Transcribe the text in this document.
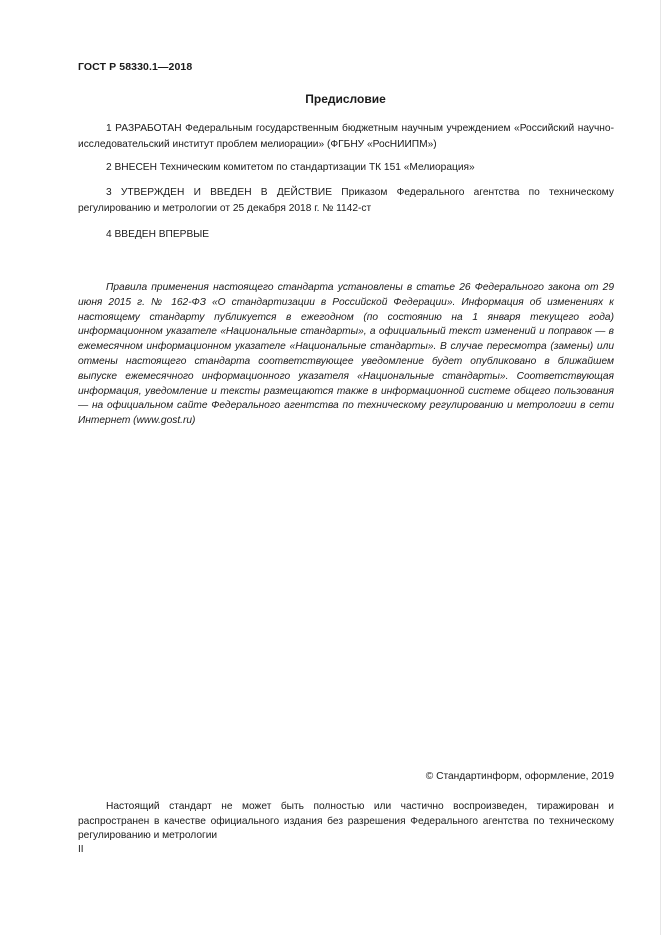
ГОСТ Р 58330.1—2018
Предисловие

1 РАЗРАБОТАН Федеральным государственным бюджетным научным учреждением «Российский научно-исследовательский институт проблем мелиорации» (ФГБНУ «РосНИИПМ»)

2 ВНЕСЕН Техническим комитетом по стандартизации ТК 151 «Мелиорация»

3 УТВЕРЖДЕН И ВВЕДЕН В ДЕЙСТВИЕ Приказом Федерального агентства по техническому регулированию и метрологии от 25 декабря 2018 г. № 1142-ст

4 ВВЕДЕН ВПЕРВЫЕ

Правила применения настоящего стандарта установлены в статье 26 Федерального закона от 29 июня 2015 г. № 162-ФЗ «О стандартизации в Российской Федерации». Информация об изменениях к настоящему стандарту публикуется в ежегодном (по состоянию на 1 января текущего года) информационном указателе «Национальные стандарты», а официальный текст изменений и поправок — в ежемесячном информационном указателе «Национальные стандарты». В случае пересмотра (замены) или отмены настоящего стандарта соответствующее уведомление будет опубликовано в ближайшем выпуске ежемесячного информационного указателя «Национальные стандарты». Соответствующая информация, уведомление и тексты размещаются также в информационной системе общего пользования — на официальном сайте Федерального агентства по техническому регулированию и метрологии в сети Интернет (www.gost.ru)

© Стандартинформ, оформление, 2019

Настоящий стандарт не может быть полностью или частично воспроизведен, тиражирован и распространен в качестве официального издания без разрешения Федерального агентства по техническому регулированию и метрологии

II
